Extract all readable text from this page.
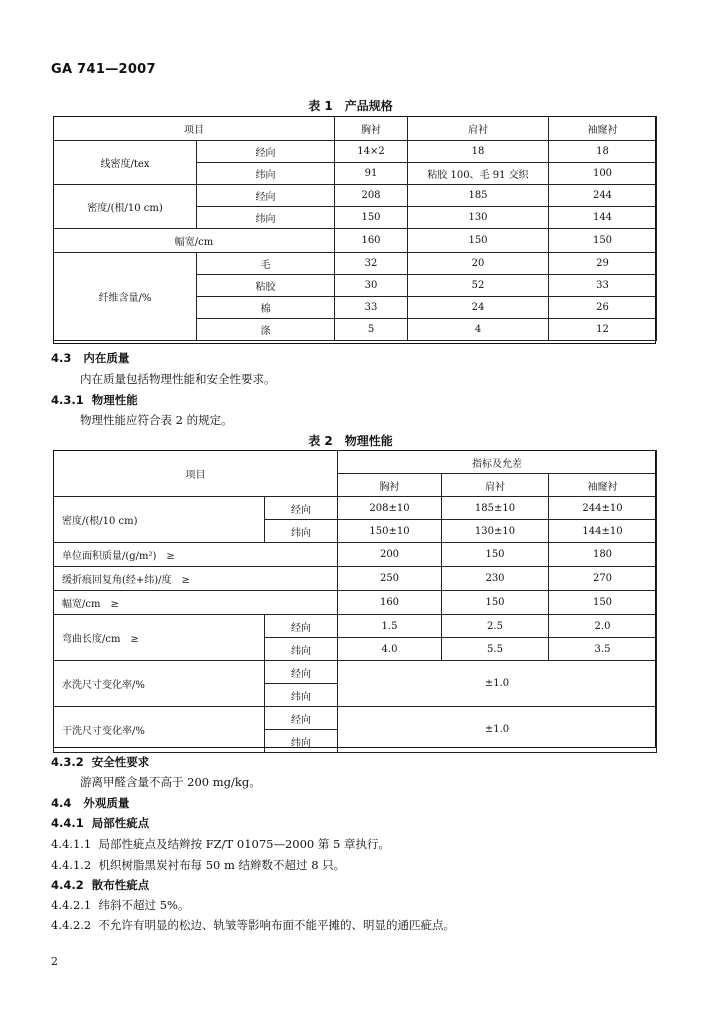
GA 741—2007
表 1　产品规格
项目		胸衬	肩衬	袖窿衬
线密度/tex	经向	14×2	18	18
	纬向	91	粘胶 100、毛 91 交织	100
密度/(根/10 cm)	经向	208	185	244
	纬向	150	130	144
幅宽/cm		160	150	150
纤维含量/%	毛	32	20	29
	粘胶	30	52	33
	棉	33	24	26
	涤	5	4	12
4.3 内在质量
内在质量包括物理性能和安全性要求。
4.3.1 物理性能
物理性能应符合表 2 的规定。
表 2　物理性能
项目		指标及允差		
		胸衬	肩衬	袖窿衬
密度/(根/10 cm)	经向	208±10	185±10	244±10
	纬向	150±10	130±10	144±10
单位面积质量/(g/m²)　≥		200	150	180
缓折痕回复角(经+纬)/度　≥		250	230	270
幅宽/cm　≥		160	150	150
弯曲长度/cm　≥	经向	1.5	2.5	2.0
	纬向	4.0	5.5	3.5
水洗尺寸变化率/%	经向	±1.0		
	纬向			
干洗尺寸变化率/%	经向	±1.0		
	纬向			
4.3.2 安全性要求
游离甲醛含量不高于 200 mg/kg。
4.4 外观质量
4.4.1 局部性疵点
4.4.1.1 局部性疵点及结辫按 FZ/T 01075—2000 第 5 章执行。
4.4.1.2 机织树脂黑炭衬布每 50 m 结辫数不超过 8 只。
4.4.2 散布性疵点
4.4.2.1 纬斜不超过 5%。
4.4.2.2 不允许有明显的松边、轨皱等影响布面不能平摊的、明显的通匹疵点。
2
